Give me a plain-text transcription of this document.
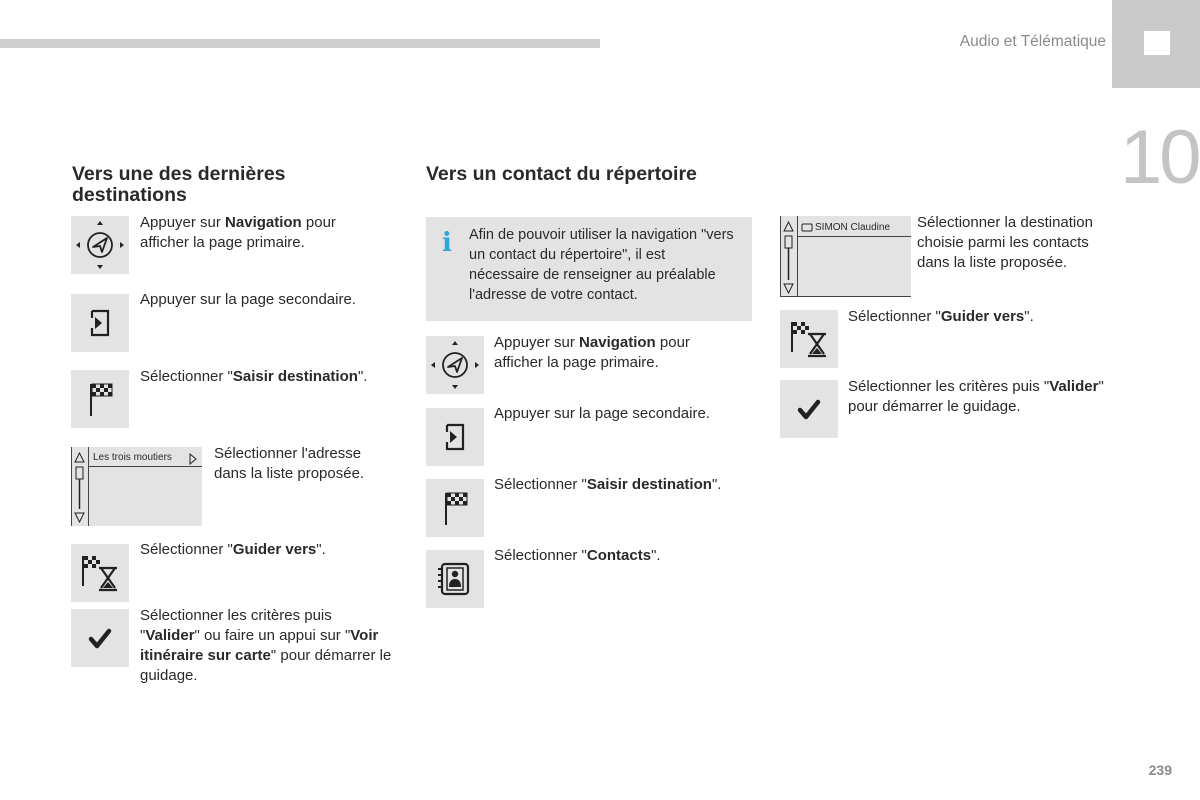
Audio et Télématique
10
239
Vers une des dernières destinations
Appuyer sur Navigation pour afficher la page primaire.
Appuyer sur la page secondaire.
Sélectionner "Saisir destination".
Les trois moutiers	Sélectionner l'adresse dans la liste proposée.
Sélectionner "Guider vers".
Sélectionner les critères puis "Valider" ou faire un appui sur "Voir itinéraire sur carte" pour démarrer le guidage.
Vers un contact du répertoire
i Afin de pouvoir utiliser la navigation "vers un contact du répertoire", il est nécessaire de renseigner au préalable l'adresse de votre contact.
Appuyer sur Navigation pour afficher la page primaire.
Appuyer sur la page secondaire.
Sélectionner "Saisir destination".
Sélectionner "Contacts".
SIMON Claudine Sélectionner la destination choisie parmi les contacts dans la liste proposée.
Sélectionner "Guider vers".
Sélectionner les critères puis "Valider" pour démarrer le guidage.
